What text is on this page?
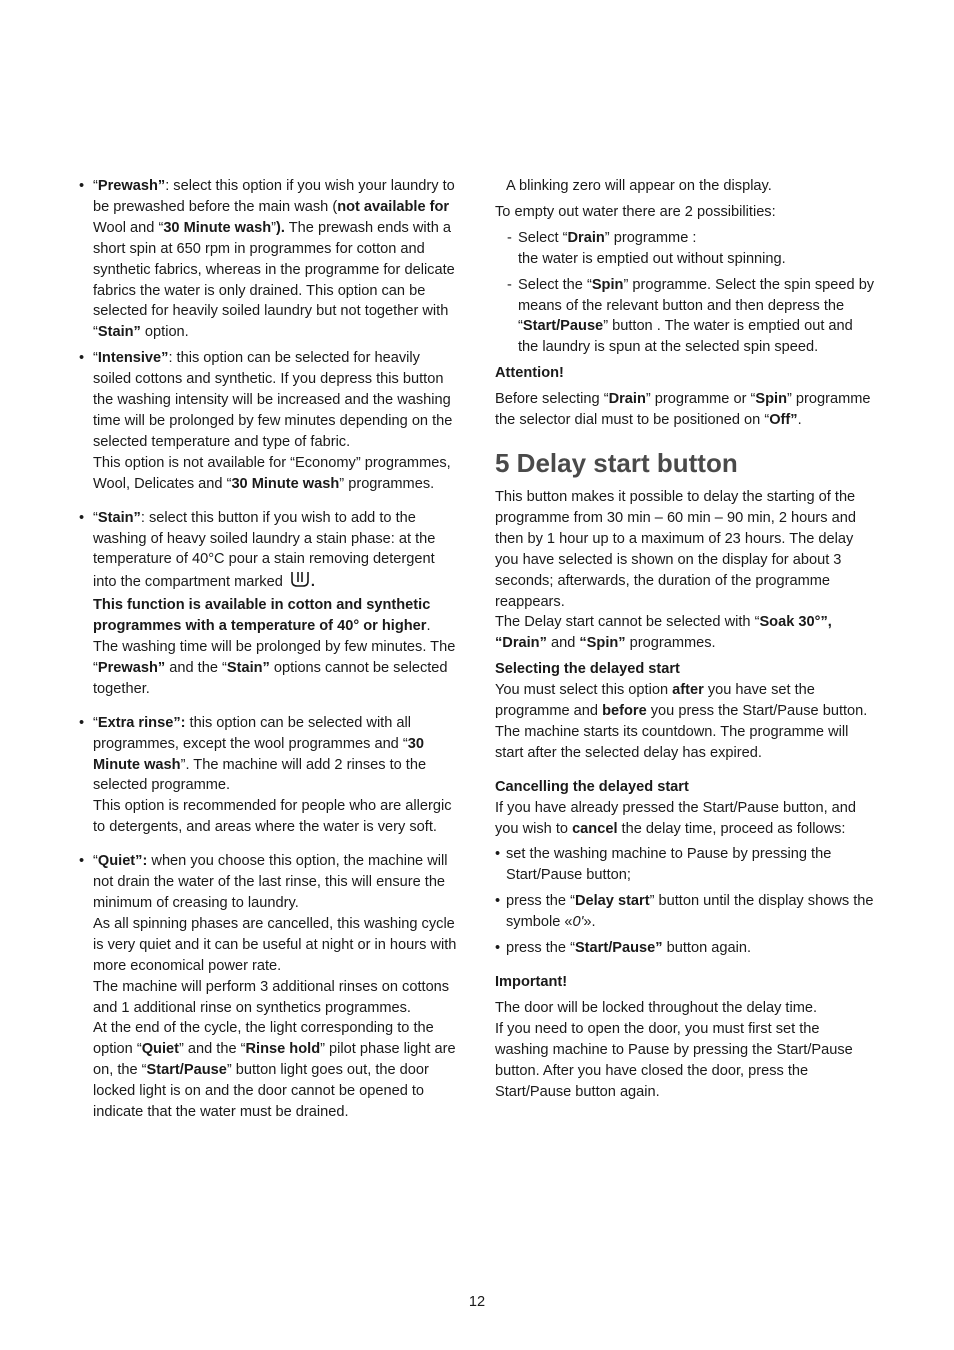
• “Prewash”: select this option if you wish your laundry to be prewashed before the main wash (not available for Wool and “30 Minute wash”). The prewash ends with a short spin at 650 rpm in programmes for cotton and synthetic fabrics, whereas in the programme for delicate fabrics the water is only drained. This option can be selected for heavily soiled laundry but not together with “Stain” option.

• “Intensive”: this option can be selected for heavily soiled cottons and synthetic. If you depress this button the washing intensity will be increased and the washing time will be prolonged by few minutes depending on the selected temperature and type of fabric.

This option is not available for “Economy” programmes, Wool, Delicates and “30 Minute wash” programmes.

• “Stain”: select this button if you wish to add to the washing of heavy soiled laundry a stain phase: at the temperature of 40°C pour a stain removing detergent into the compartment marked .

This function is available in cotton and synthetic programmes with a temperature of 40° or higher.

The washing time will be prolonged by few minutes. The “Prewash” and the “Stain” options cannot be selected together.

• “Extra rinse”: this option can be selected with all programmes, except the wool programmes and “30 Minute wash”. The machine will add 2 rinses to the selected programme.

This option is recommended for people who are allergic to detergents, and areas where the water is very soft.

• “Quiet”: when you choose this option, the machine will not drain the water of the last rinse, this will ensure the minimum of creasing to laundry.

As all spinning phases are cancelled, this washing cycle is very quiet and it can be useful at night or in hours with more economical power rate.

The machine will perform 3 additional rinses on cottons and 1 additional rinse on synthetics programmes.

At the end of the cycle, the light corresponding to the option “Quiet” and the “Rinse hold” pilot phase light are on, the “Start/Pause” button light goes out, the door locked light is on and the door cannot be opened to indicate that the water must be drained.

A blinking zero will appear on the display.

To empty out water there are 2 possibilities:

- Select “Drain” programme :

the water is emptied out without spinning.

- Select the “Spin” programme. Select the spin speed by means of the relevant button and then depress the “Start/Pause” button . The water is emptied out and the laundry is spun at the selected spin speed.

Attention!

Before selecting “Drain” programme or “Spin” programme the selector dial must to be positioned on “Off”.

5 Delay start button

This button makes it possible to delay the starting of the programme from 30 min – 60 min – 90 min, 2 hours and then by 1 hour up to a maximum of 23 hours. The delay you have selected is shown on the display for about 3 seconds; afterwards, the duration of the programme reappears.

The Delay start cannot be selected with “Soak 30°”, “Drain” and “Spin” programmes.

Selecting the delayed start

You must select this option after you have set the programme and before you press the Start/Pause button.

The machine starts its countdown. The programme will start after the selected delay has expired.

Cancelling the delayed start

If you have already pressed the Start/Pause button, and you wish to cancel the delay time, proceed as follows:

• set the washing machine to Pause by pressing the Start/Pause button;

• press the “Delay start” button until the display shows the symbole «0'».

• press the “Start/Pause” button again.

Important!

The door will be locked throughout the delay time.

If you need to open the door, you must first set the washing machine to Pause by pressing the Start/Pause button. After you have closed the door, press the Start/Pause button again.

12
